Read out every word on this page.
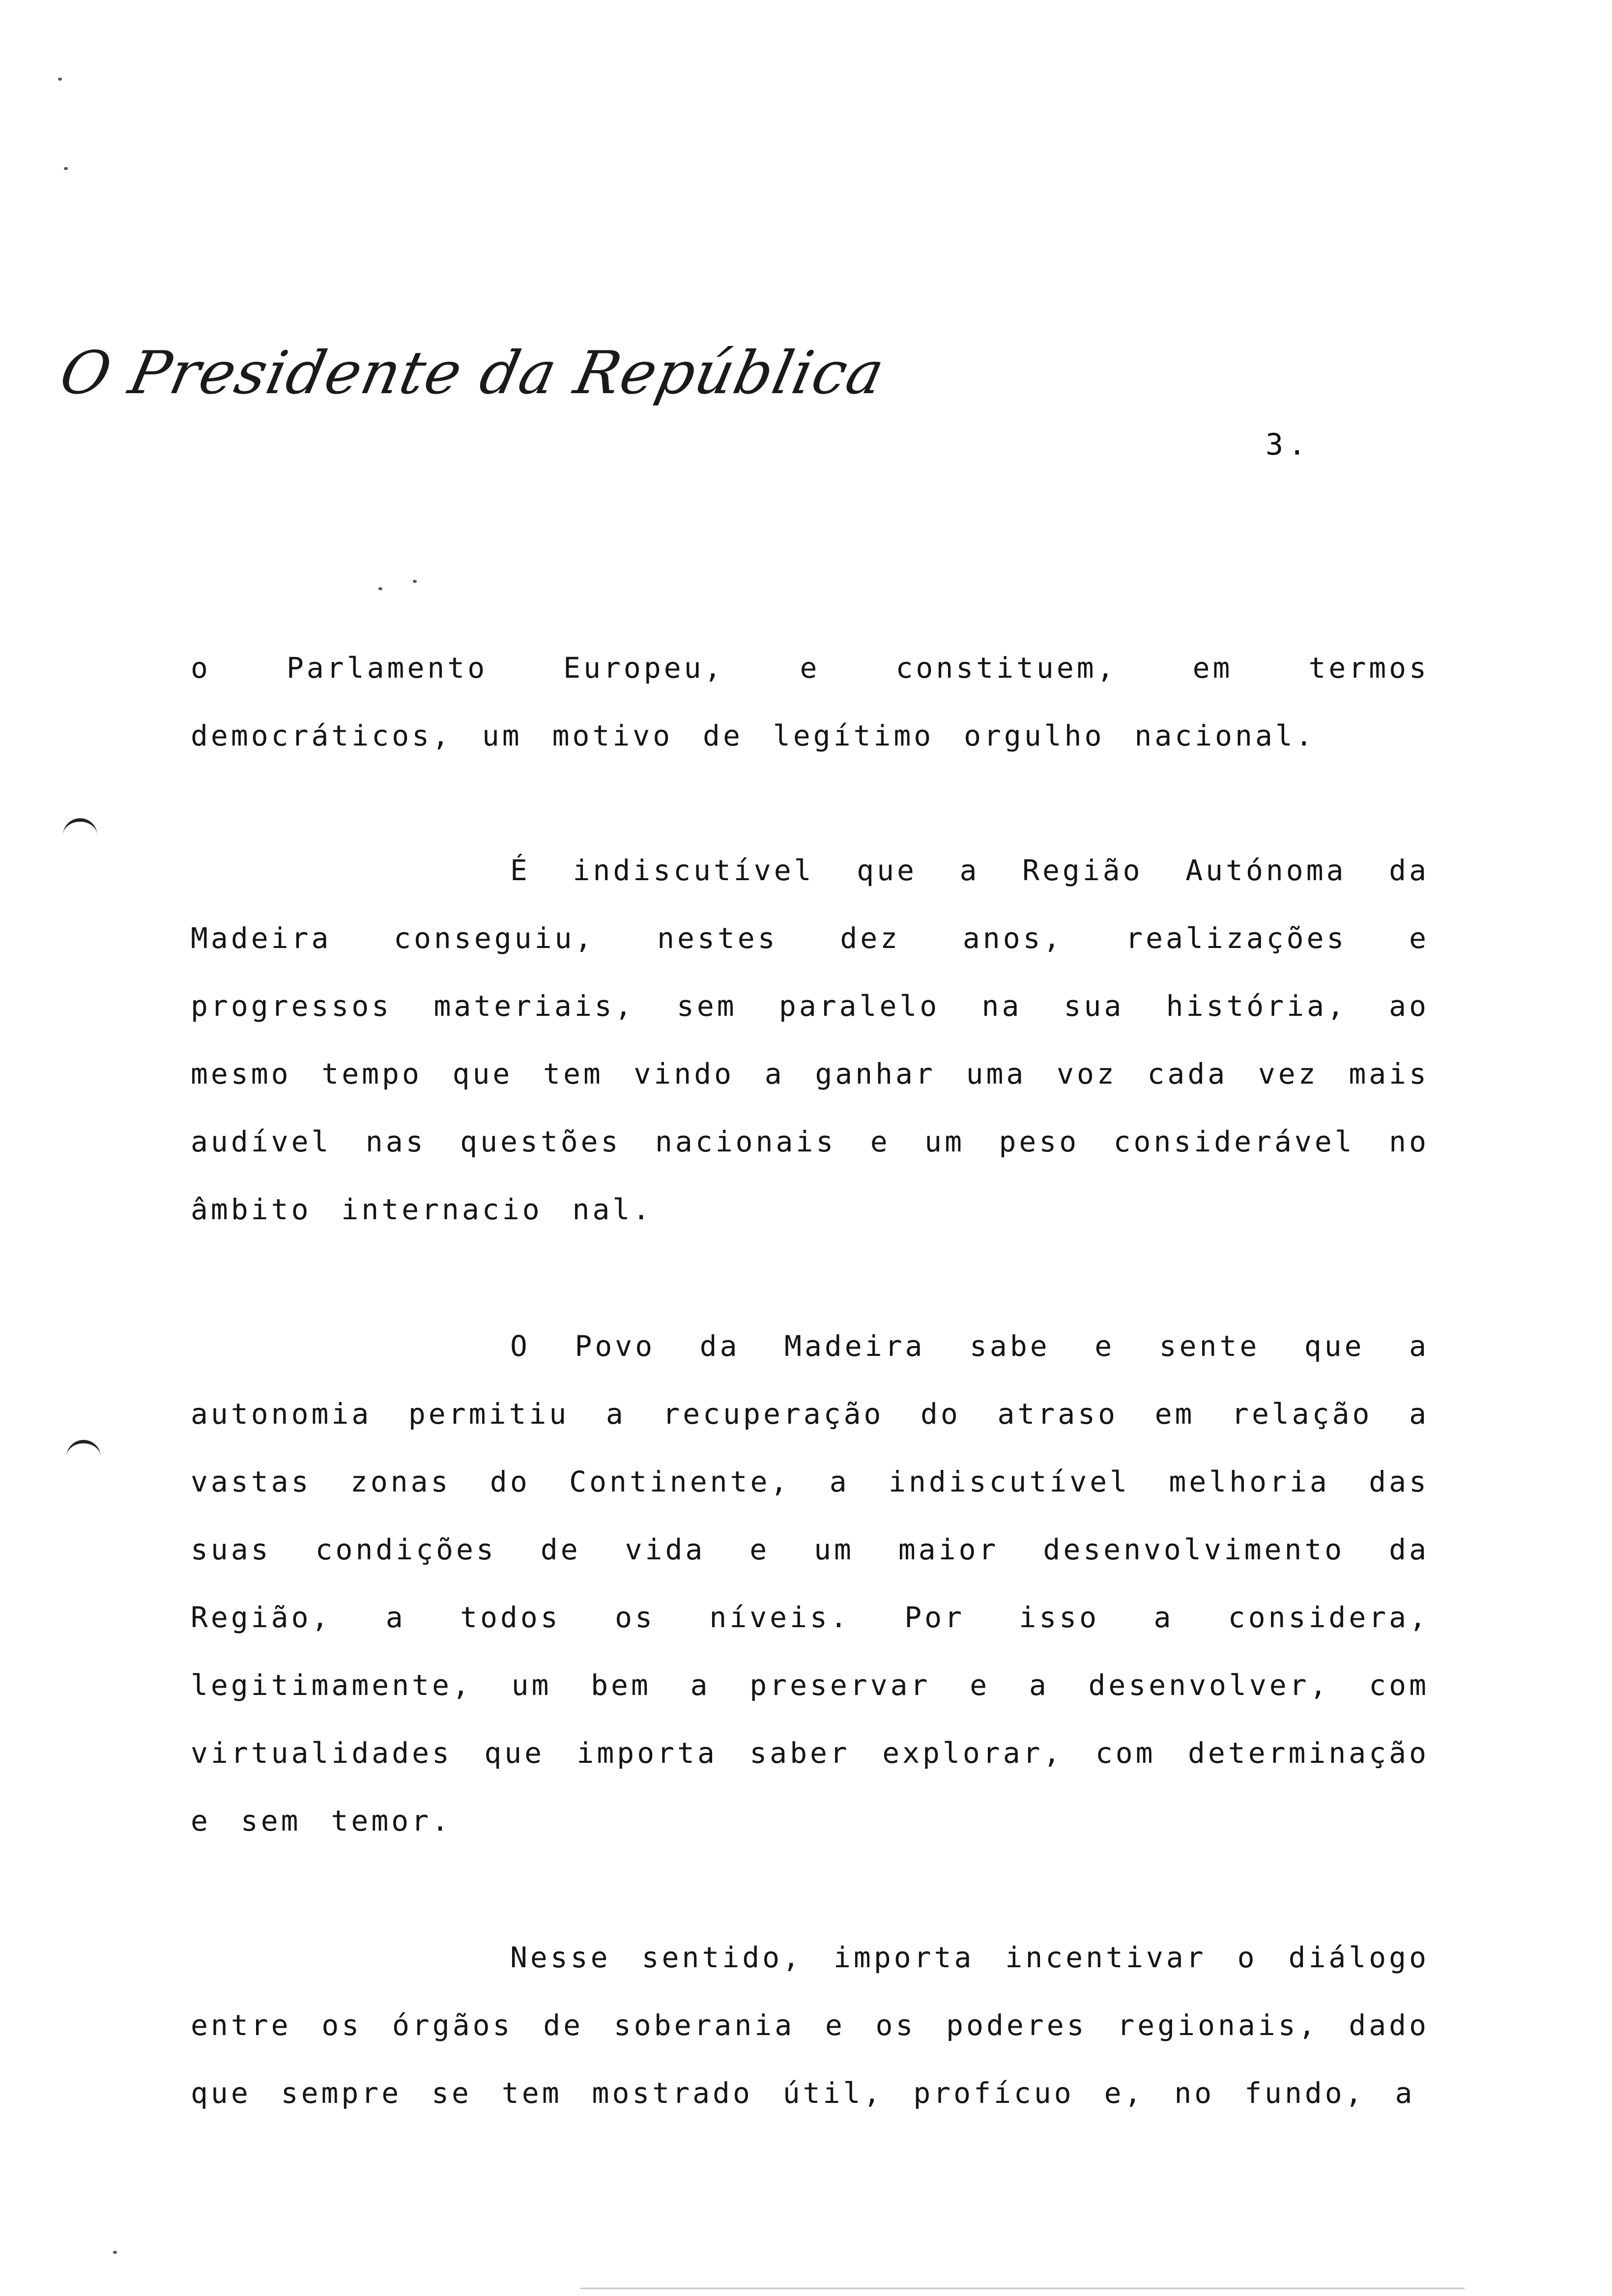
O Presidente da República
3.

o Parlamento Europeu, e constituem, em termos democráticos, um motivo de legítimo orgulho nacional.

É indiscutível que a Região Autónoma da Madeira conseguiu, nestes dez anos, realizações e progressos materiais, sem paralelo na sua história, ao mesmo tempo que tem vindo a ganhar uma voz cada vez mais audível nas questões nacionais e um peso considerável no âmbito internacio nal.

O Povo da Madeira sabe e sente que a autonomia permitiu a recuperação do atraso em relação a vastas zonas do Continente, a indiscutível melhoria das suas condições de vida e um maior desenvolvimento da Região, a todos os níveis. Por isso a considera, legitimamente, um bem a preservar e a desenvolver, com virtualidades que importa saber explorar, com determinação e sem temor.

Nesse sentido, importa incentivar o diálogo entre os órgãos de soberania e os poderes regionais, dado que sempre se tem mostrado útil, profícuo e, no fundo, a
